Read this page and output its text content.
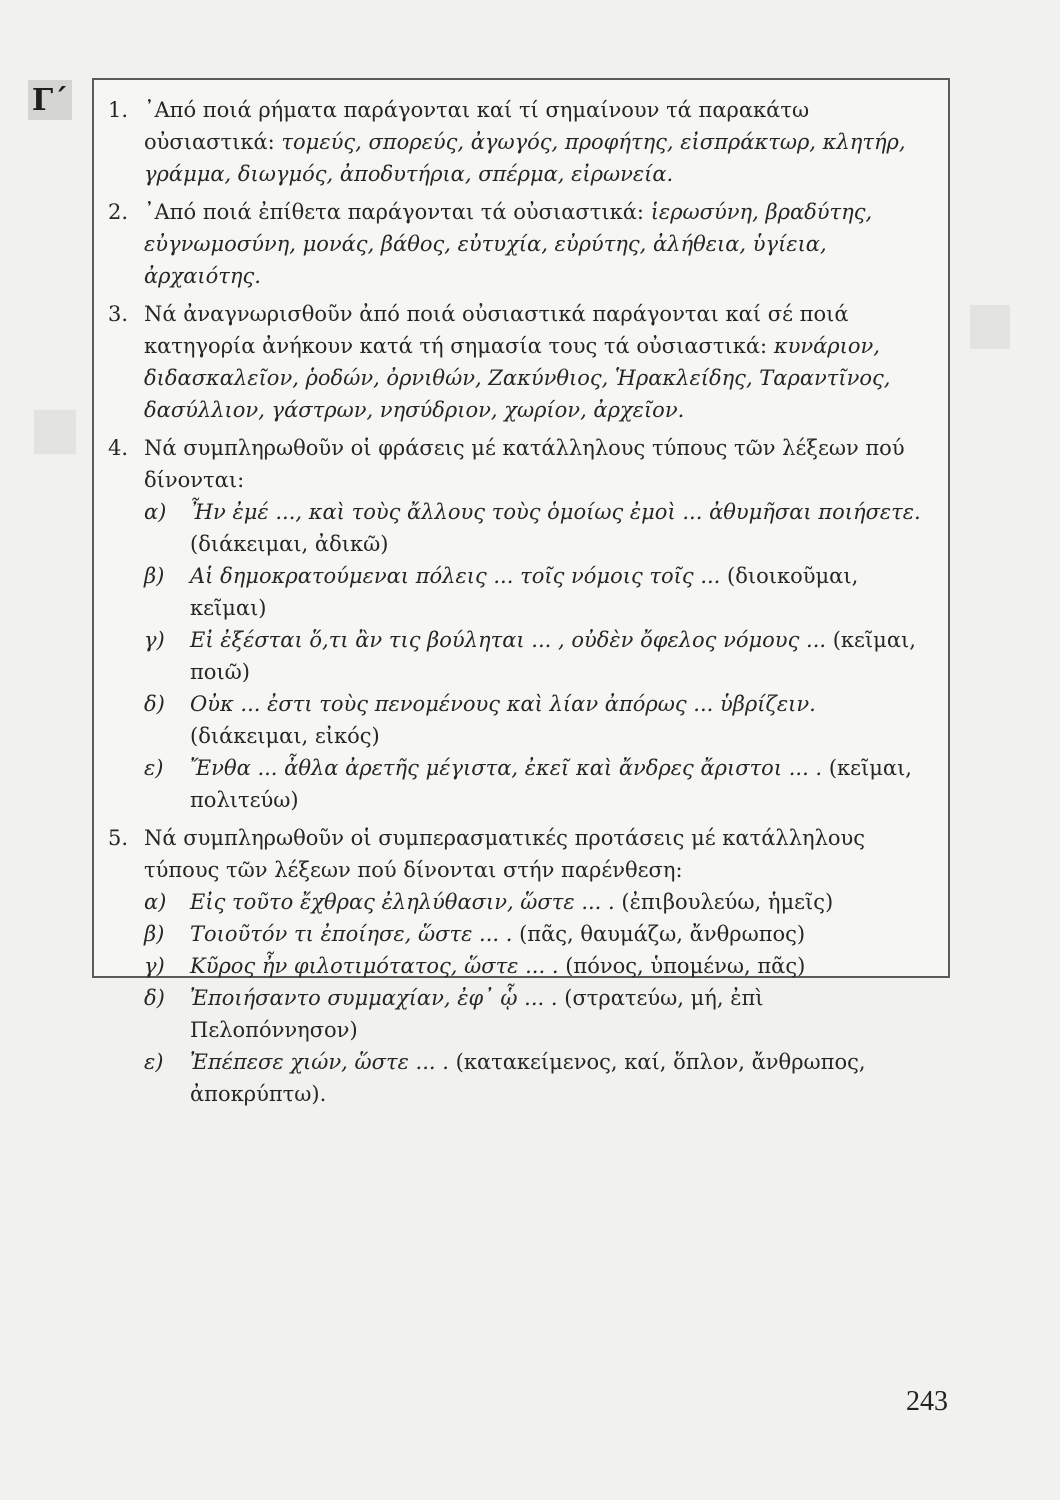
Γ΄ 1. ᾿Από ποιά ρήματα παράγονται καί τί σημαίνουν τά παρακάτω οὐσιαστικά: τομεύς, σπορεύς, ἀγωγός, προφήτης, εἰσπράκτωρ, κλητήρ, γράμμα, διωγμός, ἀποδυτήρια, σπέρμα, εἰρωνεία.
2. ᾿Από ποιά ἐπίθετα παράγονται τά οὐσιαστικά: ἱερωσύνη, βραδύτης, εὐγνωμοσύνη, μονάς, βάθος, εὐτυχία, εὐρύτης, ἀλήθεια, ὑγίεια, ἀρχαιότης.
3. Νά ἀναγνωρισθοῦν ἀπό ποιά οὐσιαστικά παράγονται καί σέ ποιά κατηγορία ἀνήκουν κατά τή σημασία τους τά οὐσιαστικά: κυνάριον, διδασκαλεῖον, ῥοδών, ὀρνιθών, Ζακύνθιος, Ἡρακλείδης, Ταραντῖνος, δασύλλιον, γάστρων, νησύδριον, χωρίον, ἀρχεῖον.
4. Νά συμπληρωθοῦν οἱ φράσεις μέ κατάλληλους τύπους τῶν λέξεων πού δίνονται:
α) Ἦν ἐμέ ..., καὶ τοὺς ἄλλους τοὺς ὁμοίως ἐμοὶ ... ἀθυμῆσαι ποιήσετε. (διάκειμαι, ἀδικῶ)
β) Αἱ δημοκρατούμεναι πόλεις ... τοῖς νόμοις τοῖς ... (διοικοῦμαι, κεῖμαι)
γ) Εἰ ἐξέσται ὅ,τι ἂν τις βούληται ... , οὐδὲν ὄφελος νόμους ... (κεῖμαι, ποιῶ)
δ) Οὐκ ... ἐστι τοὺς πενομένους καὶ λίαν ἀπόρως ... ὑβρίζειν. (διάκειμαι, εἰκός)
ε) Ἔνθα ... ἆθλα ἀρετῆς μέγιστα, ἐκεῖ καὶ ἄνδρες ἄριστοι ... . (κεῖμαι, πολιτεύω)
5. Νά συμπληρωθοῦν οἱ συμπερασματικές προτάσεις μέ κατάλληλους τύπους τῶν λέξεων πού δίνονται στήν παρένθεση:
α) Εἰς τοῦτο ἔχθρας ἐληλύθασιν, ὥστε ... . (ἐπιβουλεύω, ἡμεῖς)
β) Τοιοῦτόν τι ἐποίησε, ὥστε ... . (πᾶς, θαυμάζω, ἄνθρωπος)
γ) Κῦρος ἦν φιλοτιμότατος, ὥστε ... . (πόνος, ὑπομένω, πᾶς)
δ) Ἐποιήσαντο συμμαχίαν, ἐφ᾿ ᾧ ... . (στρατεύω, μή, ἐπὶ Πελοπόννησον)
ε) Ἐπέπεσε χιών, ὥστε ... . (κατακείμενος, καί, ὅπλον, ἄνθρωπος, ἀποκρύπτω).
243
